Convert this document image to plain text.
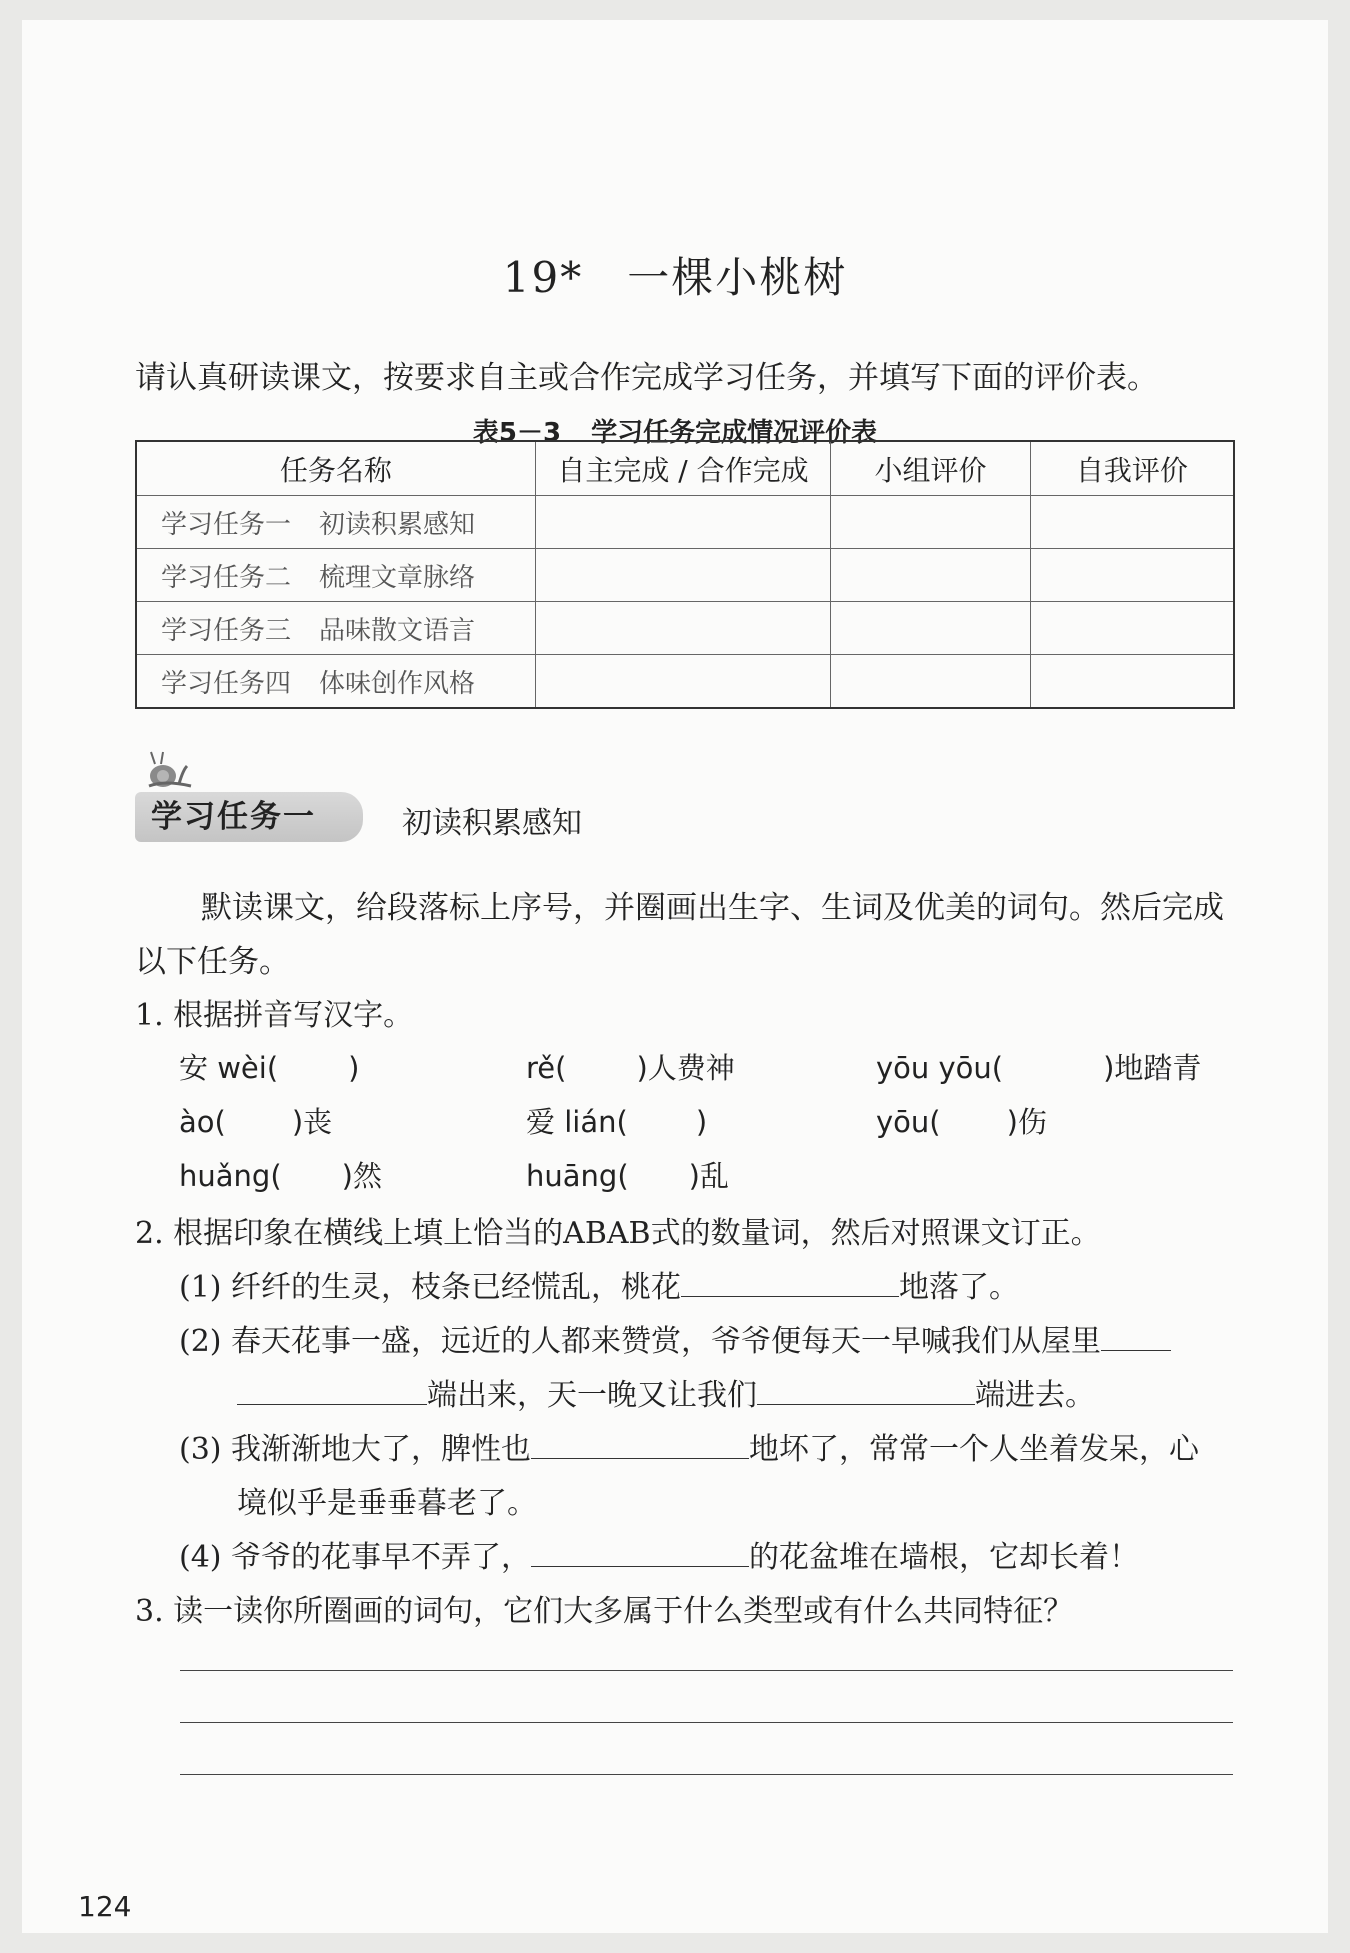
19* 一棵小桃树
请认真研读课文，按要求自主或合作完成学习任务，并填写下面的评价表。
表5－3 学习任务完成情况评价表
任务名称	自主完成 / 合作完成	小组评价	自我评价
学习任务一 初读积累感知			
学习任务二 梳理文章脉络			
学习任务三 品味散文语言			
学习任务四 体味创作风格			
学习任务一	初读积累感知
默读课文，给段落标上序号，并圈画出生字、生词及优美的词句。然后完成
以下任务。
1. 根据拼音写汉字。
安 wèi( )	rě( )人费神	yōu yōu(	)地踏青
ào( )丧	爱 lián( )	yōu( )伤
huǎng( )然	huāng( )乱
2. 根据印象在横线上填上恰当的ABAB式的数量词，然后对照课文订正。
(1) 纤纤的生灵，枝条已经慌乱，桃花	地落了。
(2) 春天花事一盛，远近的人都来赞赏，爷爷便每天一早喊我们从屋里
端出来，天一晚又让我们	端进去。
(3) 我渐渐地大了，脾性也	地坏了，常常一个人坐着发呆，心
境似乎是垂垂暮老了。
(4) 爷爷的花事早不弄了，	的花盆堆在墙根，它却长着！
3. 读一读你所圈画的词句，它们大多属于什么类型或有什么共同特征？
124
